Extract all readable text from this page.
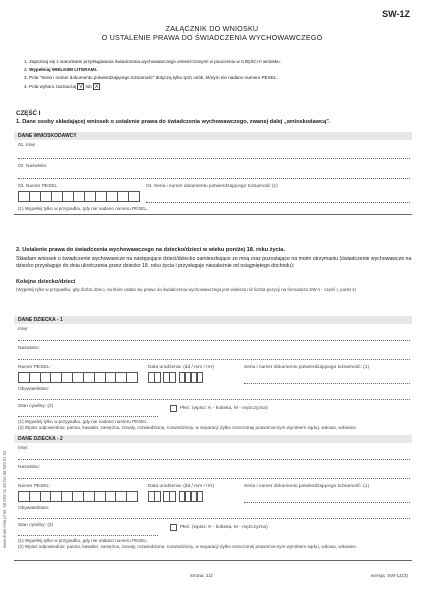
SW-1Z
ZAŁĄCZNIK DO WNIOSKU
O USTALENIE PRAWA DO ŚWIADCZENIA WYCHOWAWCZEGO
1. Zapoznaj się z warunkami przysługiwania świadczenia wychowawczego umieszczonymi w pouczeniu w CZĘŚCI II wniosku.
2. Wypełniaj WIELKIMI LITERAMI.
3. Pola "Seria i numer dokumentu potwierdzającego tożsamość" dotyczą tylko tych osób, którym nie nadano numeru PESEL.
4. Pola wyboru zaznaczaj V lub X
CZĘŚĆ I
1. Dane osoby składającej wniosek o ustalenie prawa do świadczenia wychowawczego, zwanej dalej „wnioskodawcą".
DANE WNIOSKODAWCY
01. Imię
02. Nazwisko
03. Numer PESEL	04. Seria i numer dokumentu potwierdzającego tożsamość (1)
(1) Wypełnij tylko w przypadku, gdy nie nadano numeru PESEL.
2. Ustalenie prawa do świadczenia wychowawczego na dziecko/dzieci w wieku poniżej 18. roku życia.
Składam wniosek o świadczenie wychowawcze na następujące dzieci/dziecko zamieszkujące ze mną oraz pozostające na moim utrzymaniu (świadczenie wychowawcze na dziecko przysługuje do dnia ukończenia przez dziecko 18. roku życia i przysługuje niezależnie od osiągniętego dochodu):
Kolejne dziecko/dzieci
(Wypełnij tylko w przypadku, gdy liczba dzieci, na które ustala się prawo do świadczenia wychowawczego jest większa niż liczba pozycji na formularzu SW-1 - część I, punkt 2)
DANE DZIECKA - 1
Imię:
Nazwisko:
Numer PESEL:	Data urodzenia: (dd / mm / rrrr)	Seria i numer dokumentu potwierdzającego tożsamość: (1)
Obywatelstwo:
Stan cywilny: (2)	Płeć: (wpisz: K - kobieta, M - mężczyzna)
(1) Wypełnij tylko w przypadku, gdy nie nadano numeru PESEL.
(2) Wpisz odpowiednio: panna, kawaler, zamężna, żonaty, rozwiedziona, rozwiedziony, w separacji (tylko orzeczonej prawomocnym wyrokiem sądu), wdowa, wdowiec.
DANE DZIECKA - 2
Imię:
Nazwisko:
Numer PESEL:	Data urodzenia: (dd / mm / rrrr)	Seria i numer dokumentu potwierdzającego tożsamość: (1)
Obywatelstwo:
Stan cywilny: (2)	Płeć: (wpisz: K - kobieta, M - mężczyzna)
(1) Wypełnij tylko w przypadku, gdy nie nadano numeru PESEL.
(2) Wpisz odpowiednio: panna, kawaler, zamężna, żonaty, rozwiedziona, rozwiedziony, w separacji (tylko orzeczonej prawomocnym wyrokiem sądu), wdowa, wdowiec.
www.druki-mila.pl tel. 58 559 01 50 fax 58 559 01 52
strona: 1/2	wersja: SW-1Z(3)
